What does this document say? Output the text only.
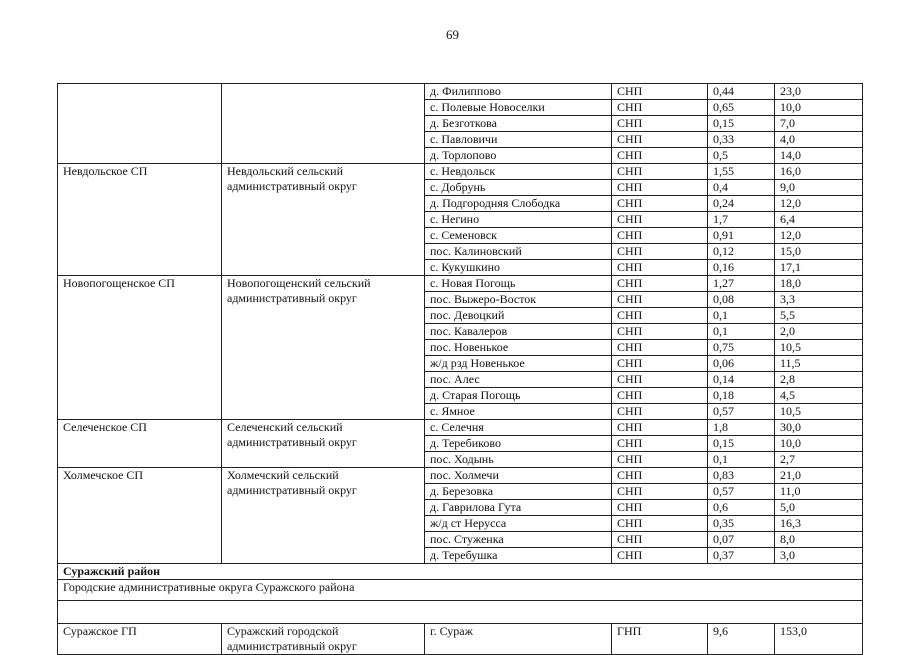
69
		д. Филиппово	СНП	0,44	23,0
		с. Полевые Новоселки	СНП	0,65	10,0
		д. Безготкова	СНП	0,15	7,0
		с. Павловичи	СНП	0,33	4,0
		д. Торлопово	СНП	0,5	14,0
Невдольское СП	Невдольский сельский административный округ	с. Невдольск	СНП	1,55	16,0
		с. Добрунь	СНП	0,4	9,0
		д. Подгородняя Слободка	СНП	0,24	12,0
		с. Негино	СНП	1,7	6,4
		с. Семеновск	СНП	0,91	12,0
		пос. Калиновский	СНП	0,12	15,0
		с. Кукушкино	СНП	0,16	17,1
Новопогощенское СП	Новопогощенский сельский административный округ	с. Новая Погощь	СНП	1,27	18,0
		пос. Выжеро-Восток	СНП	0,08	3,3
		пос. Девоцкий	СНП	0,1	5,5
		пос. Кавалеров	СНП	0,1	2,0
		пос. Новенькое	СНП	0,75	10,5
		ж/д рзд Новенькое	СНП	0,06	11,5
		пос. Алес	СНП	0,14	2,8
		д. Старая Погощь	СНП	0,18	4,5
		с. Ямное	СНП	0,57	10,5
Селеченское СП	Селеченский сельский административный округ	с. Селечня	СНП	1,8	30,0
		д. Теребиково	СНП	0,15	10,0
		пос. Ходынь	СНП	0,1	2,7
Холмечское СП	Холмечский сельский административный округ	пос. Холмечи	СНП	0,83	21,0
		д. Березовка	СНП	0,57	11,0
		д. Гаврилова Гута	СНП	0,6	5,0
		ж/д ст Нерусса	СНП	0,35	16,3
		пос. Стуженка	СНП	0,07	8,0
		д. Теребушка	СНП	0,37	3,0
Суражский район					
Городские административные округа Суражского района					

Суражское ГП	Суражский городской административный округ	г. Сураж	ГНП	9,6	153,0
